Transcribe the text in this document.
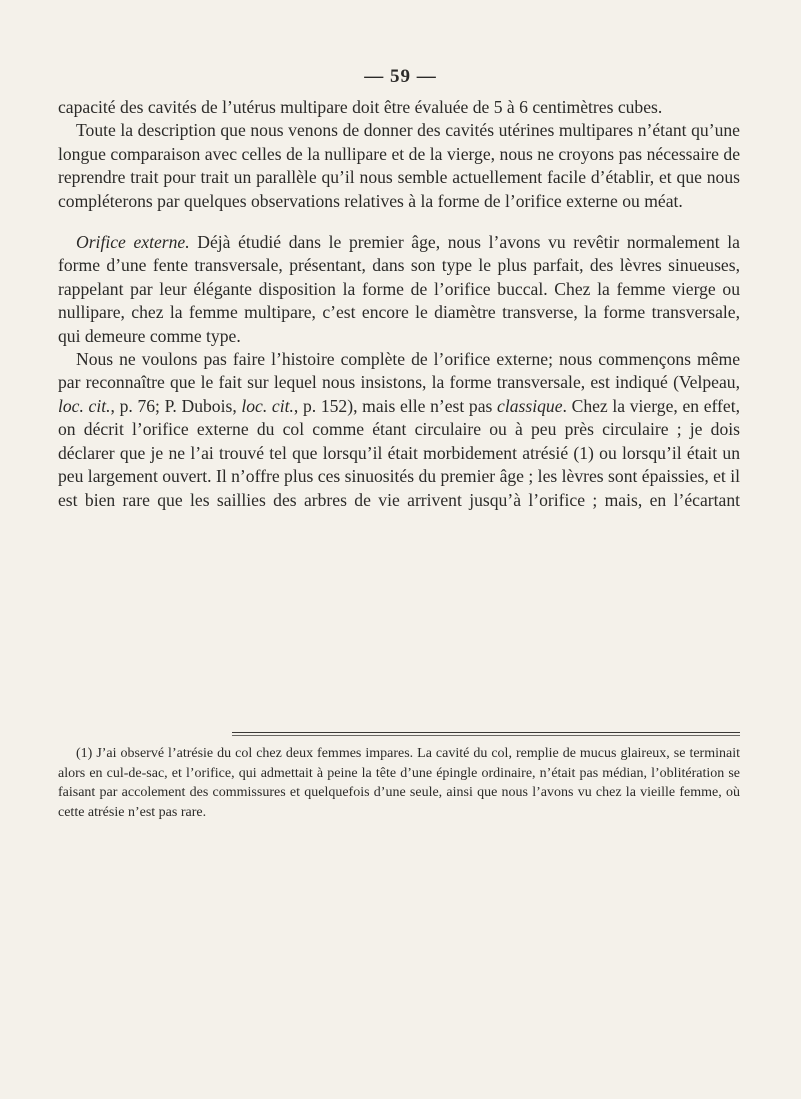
— 59 —

capacité des cavités de l’utérus multipare doit être évaluée de 5 à 6 centimètres cubes.

Toute la description que nous venons de donner des cavités utérines multipares n’étant qu’une longue comparaison avec celles de la nullipare et de la vierge, nous ne croyons pas nécessaire de reprendre trait pour trait un parallèle qu’il nous semble actuellement facile d’établir, et que nous compléterons par quelques observations relatives à la forme de l’orifice externe ou méat.

Orifice externe. Déjà étudié dans le premier âge, nous l’avons vu revêtir normalement la forme d’une fente transversale, présentant, dans son type le plus parfait, des lèvres sinueuses, rappelant par leur élégante disposition la forme de l’orifice buccal. Chez la femme vierge ou nullipare, chez la femme multipare, c’est encore le diamètre transverse, la forme transversale, qui demeure comme type.

Nous ne voulons pas faire l’histoire complète de l’orifice externe; nous commençons même par reconnaître que le fait sur lequel nous insistons, la forme transversale, est indiqué (Velpeau, loc. cit., p. 76; P. Dubois, loc. cit., p. 152), mais elle n’est pas classique. Chez la vierge, en effet, on décrit l’orifice externe du col comme étant circulaire ou à peu près circulaire ; je dois déclarer que je ne l’ai trouvé tel que lorsqu’il était morbidement atrésié (1) ou lorsqu’il était un peu largement ouvert. Il n’offre plus ces sinuosités du premier âge ; les lèvres sont épaissies, et il est bien rare que les saillies des arbres de vie arrivent jusqu’à l’orifice ; mais, en l’écartant

(1) J’ai observé l’atrésie du col chez deux femmes impares. La cavité du col, remplie de mucus glaireux, se terminait alors en cul-de-sac, et l’orifice, qui admettait à peine la tête d’une épingle ordinaire, n’était pas médian, l’oblitération se faisant par accolement des commissures et quelquefois d’une seule, ainsi que nous l’avons vu chez la vieille femme, où cette atrésie n’est pas rare.
